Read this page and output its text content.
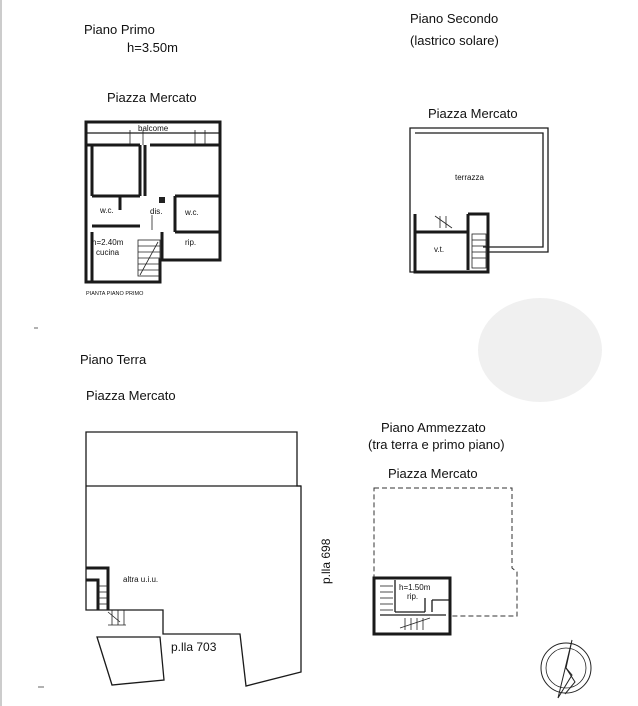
Piano Primo
h=3.50m
Piazza Mercato
balcome
w.c.	dis.	w.c.
h=2.40m
cucina
rip.
PIANTA PIANO PRIMO
Piano Secondo
(lastrico solare)
Piazza Mercato
terrazza
v.t.
Piano Terra
Piazza Mercato
altra u.i.u.
p.lla 703
p.lla 698
Piano Ammezzato
(tra terra e primo piano)
Piazza Mercato
h=1.50m
rip.
